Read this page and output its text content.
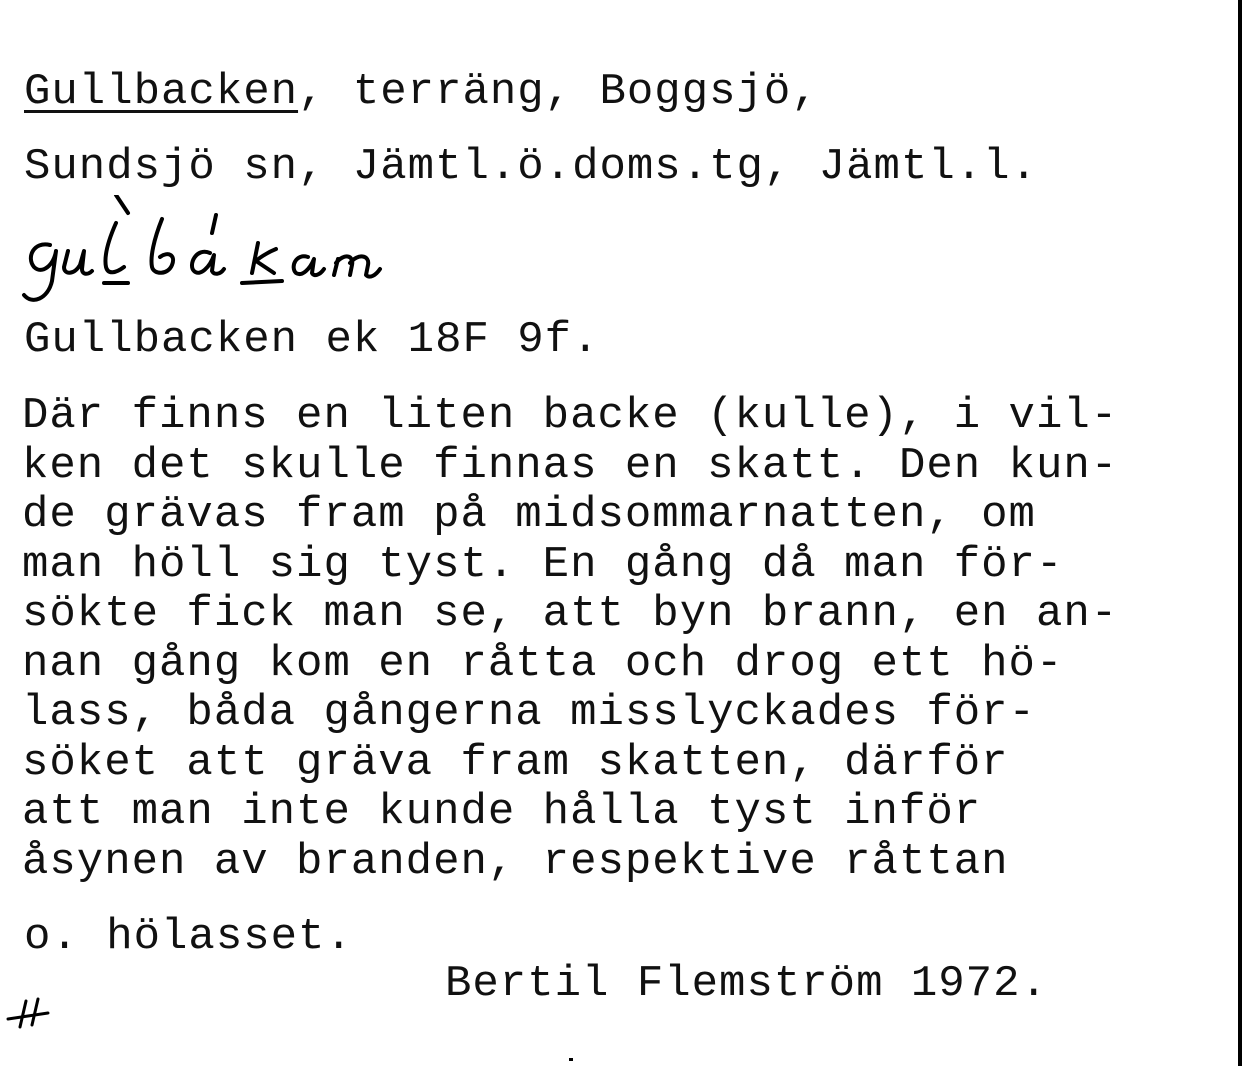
Gullbacken, terräng, Boggsjö,
Sundsjö sn, Jämtl.ö.doms.tg, Jämtl.l.
Gullbacken ek 18F 9f.
Där finns en liten backe (kulle), i vil-
ken det skulle finnas en skatt. Den kun-
de grävas fram på midsommarnatten, om
man höll sig tyst. En gång då man för-
sökte fick man se, att byn brann, en an-
nan gång kom en råtta och drog ett hö-
lass, båda gångerna misslyckades för-
söket att gräva fram skatten, därför
att man inte kunde hålla tyst inför
åsynen av branden, respektive råttan
o. hölasset.
Bertil Flemström 1972.
